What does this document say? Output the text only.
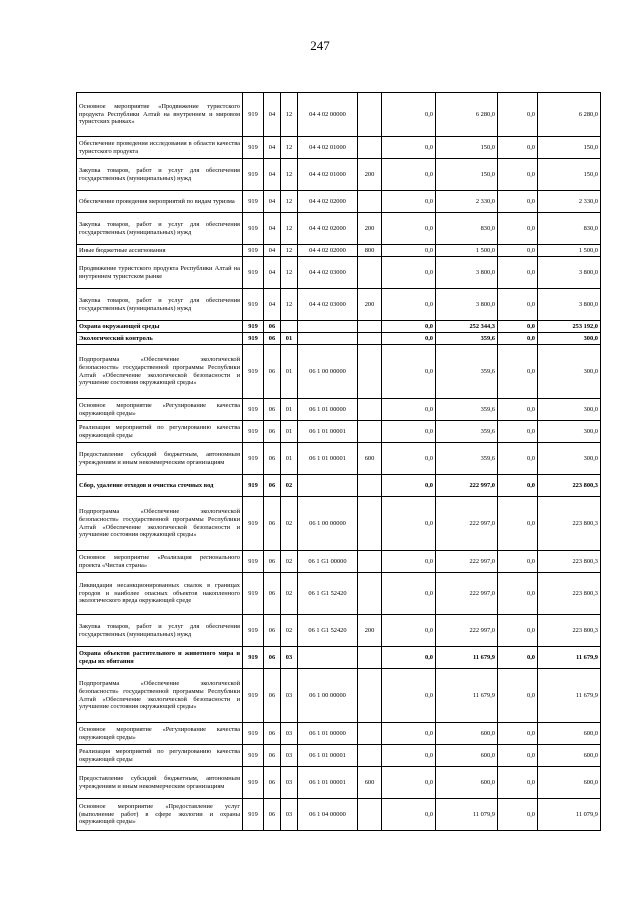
247
Основное мероприятие «Продвижение туристского продукта Республики Алтай на внутреннем и мировом туристских рынках»	919	04	12	04 4 02 00000		0,0	6 280,0	0,0	6 280,0
Обеспечение проведения исследования в области качества туристского продукта	919	04	12	04 4 02 01000		0,0	150,0	0,0	150,0
Закупка товаров, работ и услуг для обеспечения государственных (муниципальных) нужд	919	04	12	04 4 02 01000	200	0,0	150,0	0,0	150,0
Обеспечение проведения мероприятий по видам туризма	919	04	12	04 4 02 02000		0,0	2 330,0	0,0	2 330,0
Закупка товаров, работ и услуг для обеспечения государственных (муниципальных) нужд	919	04	12	04 4 02 02000	200	0,0	830,0	0,0	830,0
Иные бюджетные ассигнования	919	04	12	04 4 02 02000	800	0,0	1 500,0	0,0	1 500,0
Продвижение туристского продукта Республики Алтай на внутреннем туристском рынке	919	04	12	04 4 02 03000		0,0	3 800,0	0,0	3 800,0
Закупка товаров, работ и услуг для обеспечения государственных (муниципальных) нужд	919	04	12	04 4 02 03000	200	0,0	3 800,0	0,0	3 800,0
Охрана окружающей среды	919	06				0,0	252 344,3	0,0	253 192,0
Экологический контроль	919	06	01			0,0	359,6	0,0	300,0
Подпрограмма «Обеспечение экологической безопасности» государственной программы Республики Алтай «Обеспечение экологической безопасности и улучшение состояния окружающей среды»	919	06	01	06 1 00 00000		0,0	359,6	0,0	300,0
Основное мероприятие «Регулирование качества окружающей среды»	919	06	01	06 1 01 00000		0,0	359,6	0,0	300,0
Реализация мероприятий по регулированию качества окружающей среды	919	06	01	06 1 01 00001		0,0	359,6	0,0	300,0
Предоставление субсидий бюджетным, автономным учреждениям и иным некоммерческим организациям	919	06	01	06 1 01 00001	600	0,0	359,6	0,0	300,0
Сбор, удаление отходов и очистка сточных вод	919	06	02			0,0	222 997,0	0,0	223 800,3
Подпрограмма «Обеспечение экологической безопасности» государственной программы Республики Алтай «Обеспечение экологической безопасности и улучшение состояния окружающей среды»	919	06	02	06 1 00 00000		0,0	222 997,0	0,0	223 800,3
Основное мероприятие «Реализация регионального проекта «Чистая страна»	919	06	02	06 1 G1 00000		0,0	222 997,0	0,0	223 800,3
Ликвидация несанкционированных свалок в границах городов и наиболее опасных объектов накопленного экологического вреда окружающей среде	919	06	02	06 1 G1 52420		0,0	222 997,0	0,0	223 800,3
Закупка товаров, работ и услуг для обеспечения государственных (муниципальных) нужд	919	06	02	06 1 G1 52420	200	0,0	222 997,0	0,0	223 800,3
Охрана объектов растительного и животного мира и среды их обитания	919	06	03			0,0	11 679,9	0,0	11 679,9
Подпрограмма «Обеспечение экологической безопасности» государственной программы Республики Алтай «Обеспечение экологической безопасности и улучшение состояния окружающей среды»	919	06	03	06 1 00 00000		0,0	11 679,9	0,0	11 679,9
Основное мероприятие «Регулирование качества окружающей среды»	919	06	03	06 1 01 00000		0,0	600,0	0,0	600,0
Реализация мероприятий по регулированию качества окружающей среды	919	06	03	06 1 01 00001		0,0	600,0	0,0	600,0
Предоставление субсидий бюджетным, автономным учреждениям и иным некоммерческим организациям	919	06	03	06 1 01 00001	600	0,0	600,0	0,0	600,0
Основное мероприятие «Предоставление услуг (выполнение работ) в сфере экологии и охраны окружающей среды»	919	06	03	06 1 04 00000		0,0	11 079,9	0,0	11 079,9
